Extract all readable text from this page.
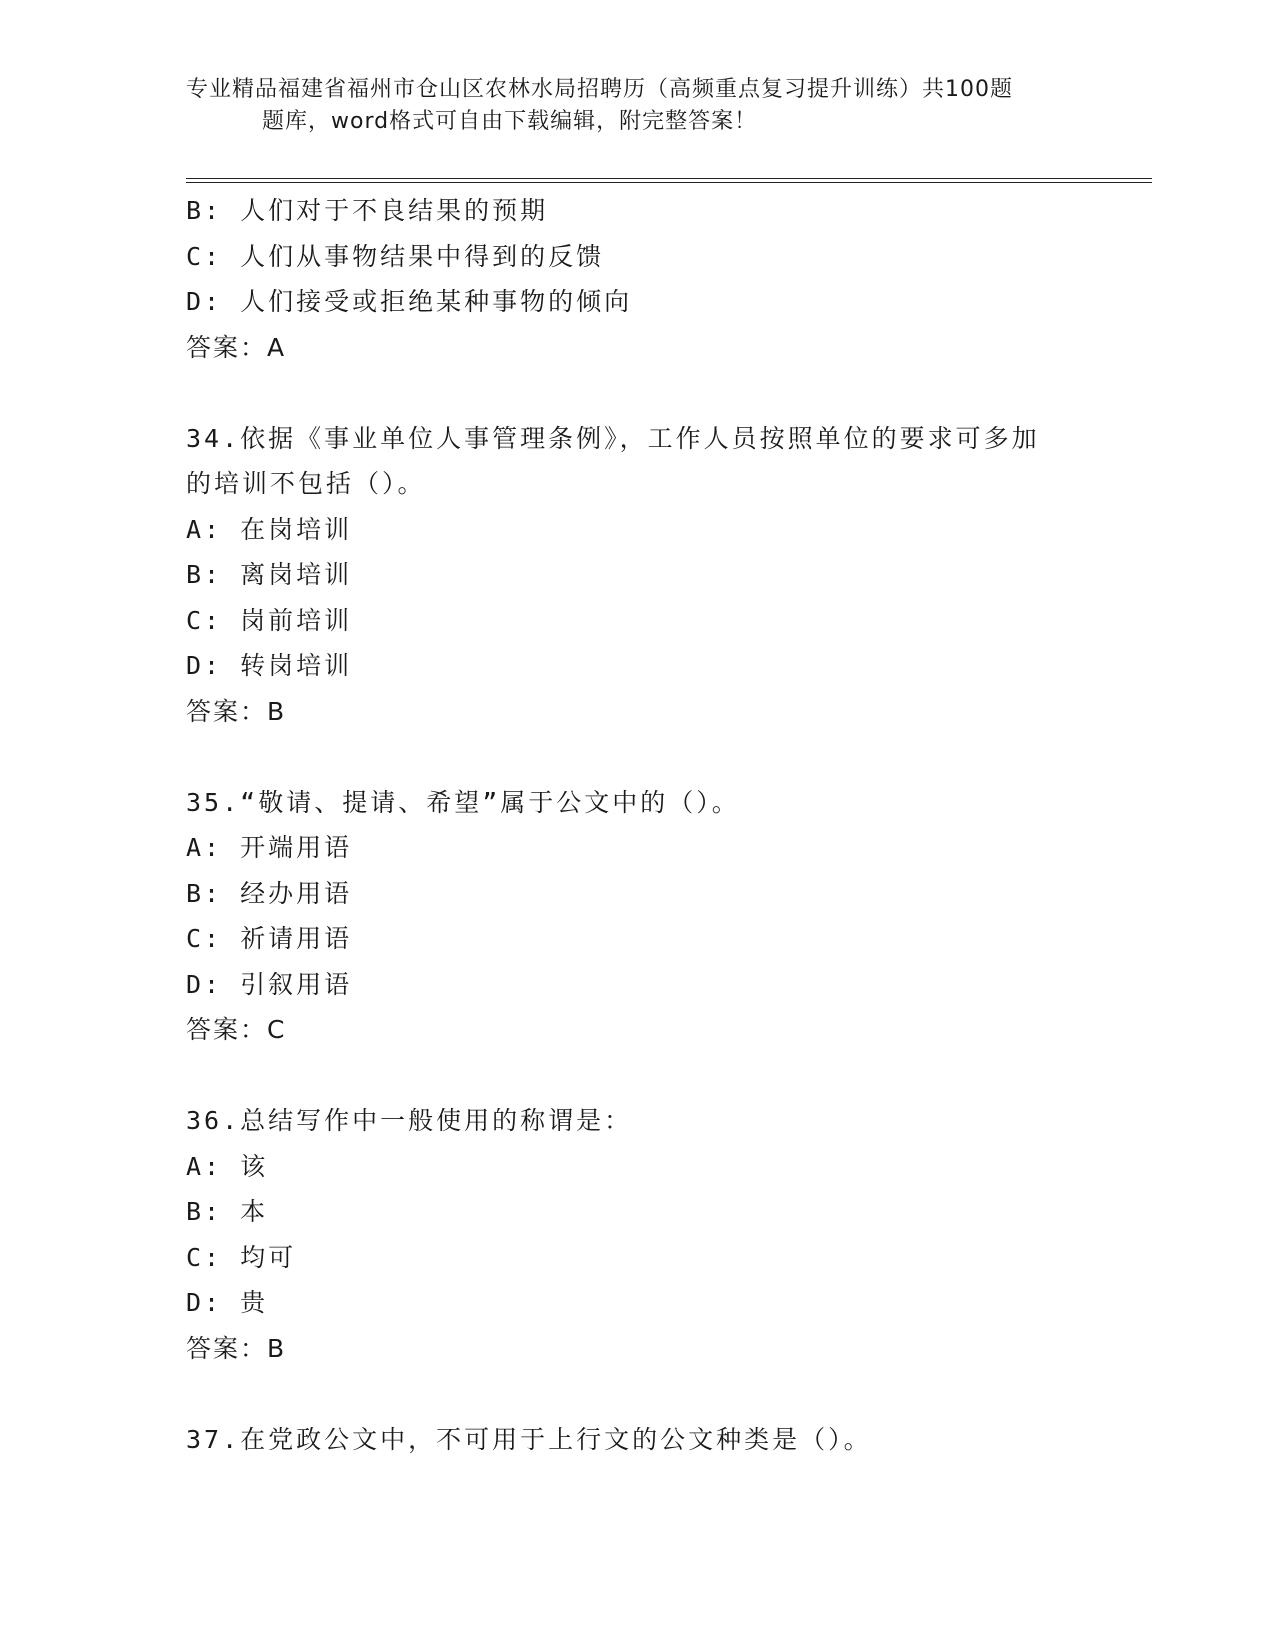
专业精品福建省福州市仓山区农林水局招聘历（高频重点复习提升训练）共100题
题库，word格式可自由下载编辑，附完整答案！
B: 人们对于不良结果的预期
C: 人们从事物结果中得到的反馈
D: 人们接受或拒绝某种事物的倾向
答案：A
34.依据《事业单位人事管理条例》，工作人员按照单位的要求可多加
的培训不包括（）。
A: 在岗培训
B: 离岗培训
C: 岗前培训
D: 转岗培训
答案：B
35.“敬请、提请、希望”属于公文中的（）。
A: 开端用语
B: 经办用语
C: 祈请用语
D: 引叙用语
答案：C
36.总结写作中一般使用的称谓是：
A: 该
B: 本
C: 均可
D: 贵
答案：B
37.在党政公文中，不可用于上行文的公文种类是（）。
